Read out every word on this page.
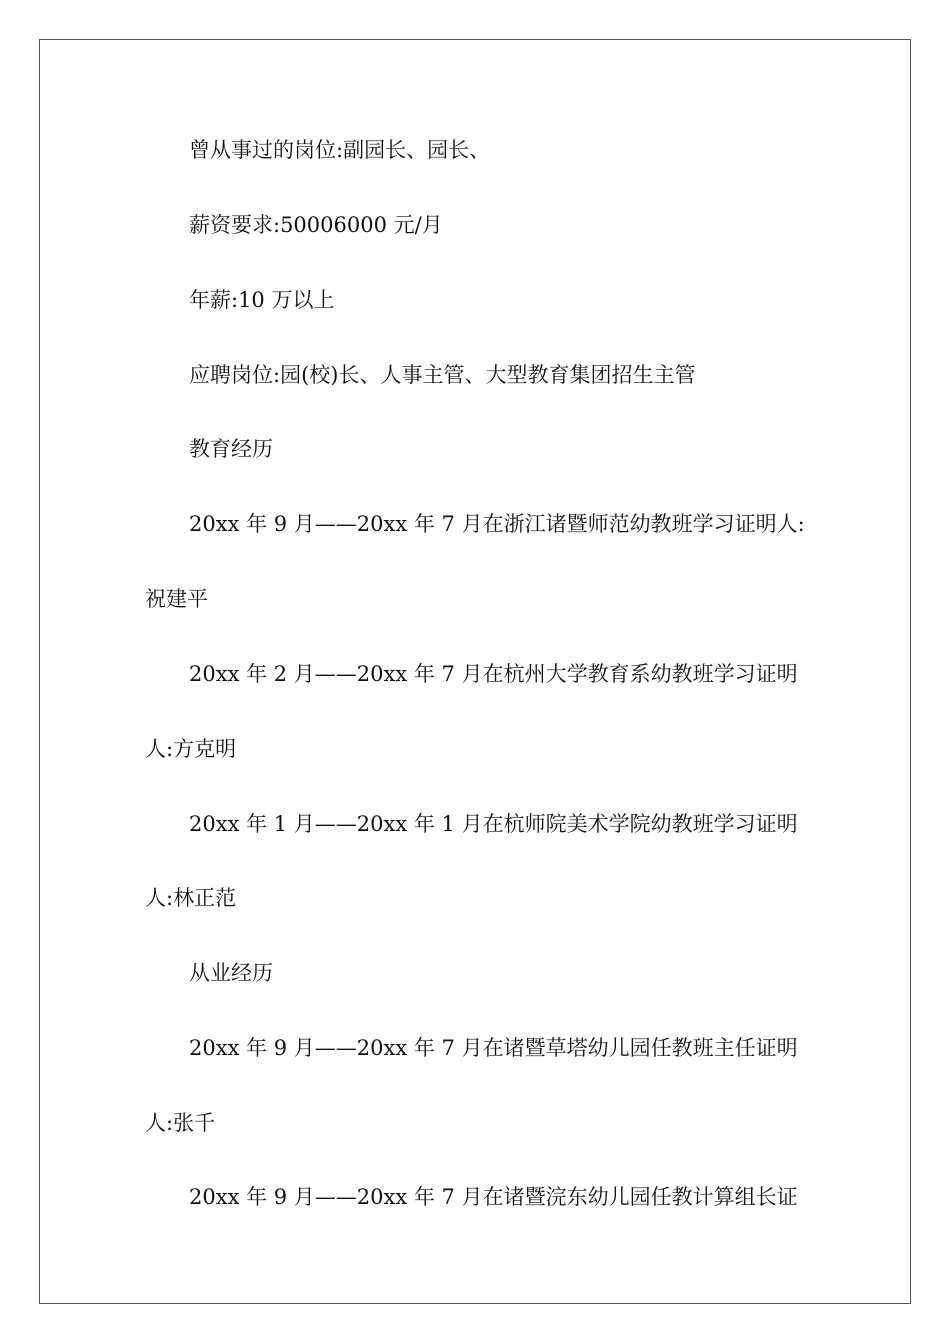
曾从事过的岗位:副园长、园长、

薪资要求:50006000 元/月

年薪:10 万以上

应聘岗位:园(校)长、人事主管、大型教育集团招生主管

教育经历

20xx 年 9 月——20xx 年 7 月在浙江诸暨师范幼教班学习证明人:

祝建平

20xx 年 2 月——20xx 年 7 月在杭州大学教育系幼教班学习证明

人:方克明

20xx 年 1 月——20xx 年 1 月在杭师院美术学院幼教班学习证明

人:林正范

从业经历

20xx 年 9 月——20xx 年 7 月在诸暨草塔幼儿园任教班主任证明

人:张千

20xx 年 9 月——20xx 年 7 月在诸暨浣东幼儿园任教计算组长证
